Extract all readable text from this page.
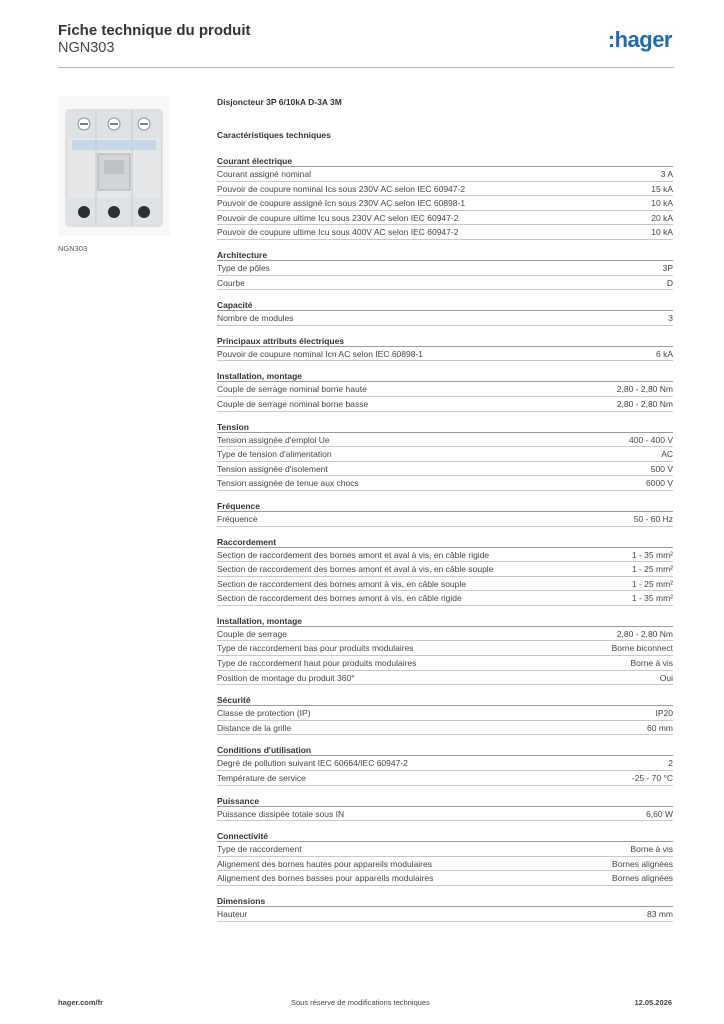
Fiche technique du produit
NGN303	:hager
NGN303
Disjoncteur 3P 6/10kA D-3A 3M
Caractéristiques techniques
Courant électrique
Courant assigné nominal	3 A
Pouvoir de coupure nominal Ics sous 230V AC selon IEC 60947-2	15 kA
Pouvoir de coupure assigné Icn sous 230V AC selon IEC 60898-1	10 kA
Pouvoir de coupure ultime Icu sous 230V AC selon IEC 60947-2	20 kA
Pouvoir de coupure ultime Icu sous 400V AC selon IEC 60947-2	10 kA
Architecture
Type de pôles	3P
Courbe	D
Capacité
Nombre de modules	3
Principaux attributs électriques
Pouvoir de coupure nominal Icn AC selon IEC 60898-1	6 kA
Installation, montage
Couple de serrage nominal borne haute	2,80 - 2,80 Nm
Couple de serrage nominal borne basse	2,80 - 2,80 Nm
Tension
Tension assignée d'emploi Ue	400 - 400 V
Type de tension d'alimentation	AC
Tension assignée d'isolement	500 V
Tension assignée de tenue aux chocs	6000 V
Fréquence
Fréquence	50 - 60 Hz
Raccordement
Section de raccordement des bornes amont et aval à vis, en câble rigide	1 - 35 mm²
Section de raccordement des bornes amont et aval à vis, en câble souple	1 - 25 mm²
Section de raccordement des bornes amont à vis, en câble souple	1 - 25 mm²
Section de raccordement des bornes amont à vis, en câble rigide	1 - 35 mm²
Installation, montage
Couple de serrage	2,80 - 2,80 Nm
Type de raccordement bas pour produits modulaires	Borne biconnect
Type de raccordement haut pour produits modulaires	Borne à vis
Position de montage du produit 360°	Oui
Sécurité
Classe de protection (IP)	IP20
Distance de la grille	60 mm
Conditions d'utilisation
Degré de pollution suivant IEC 60664/IEC 60947-2	2
Température de service	-25 - 70 °C
Puissance
Puissance dissipée totale sous IN	6,60 W
Connectivité
Type de raccordement	Borne à vis
Alignement des bornes hautes pour appareils modulaires	Bornes alignées
Alignement des bornes basses pour appareils modulaires	Bornes alignées
Dimensions
Hauteur	83 mm
hager.com/fr	Sous réserve de modifications techniques	12.05.2026
